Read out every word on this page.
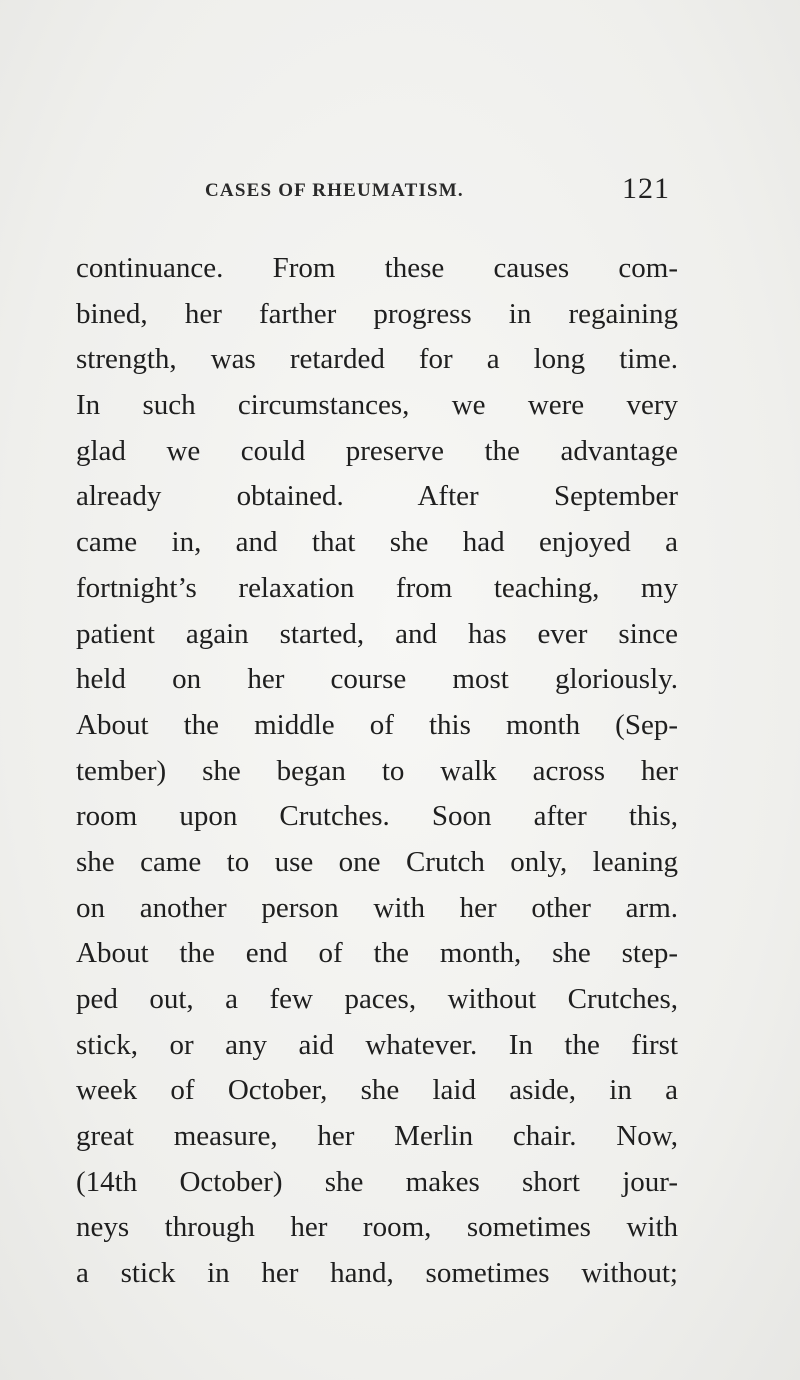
CASES OF RHEUMATISM.	121
continuance. From these causes com-
bined, her farther progress in regaining
strength, was retarded for a long time.
In such circumstances, we were very
glad we could preserve the advantage
already obtained. After September
came in, and that she had enjoyed a
fortnight’s relaxation from teaching, my
patient again started, and has ever since
held on her course most gloriously.
About the middle of this month (Sep-
tember) she began to walk across her
room upon Crutches. Soon after this,
she came to use one Crutch only, leaning
on another person with her other arm.
About the end of the month, she step-
ped out, a few paces, without Crutches,
stick, or any aid whatever. In the first
week of October, she laid aside, in a
great measure, her Merlin chair. Now,
(14th October) she makes short jour-
neys through her room, sometimes with
a stick in her hand, sometimes without;
